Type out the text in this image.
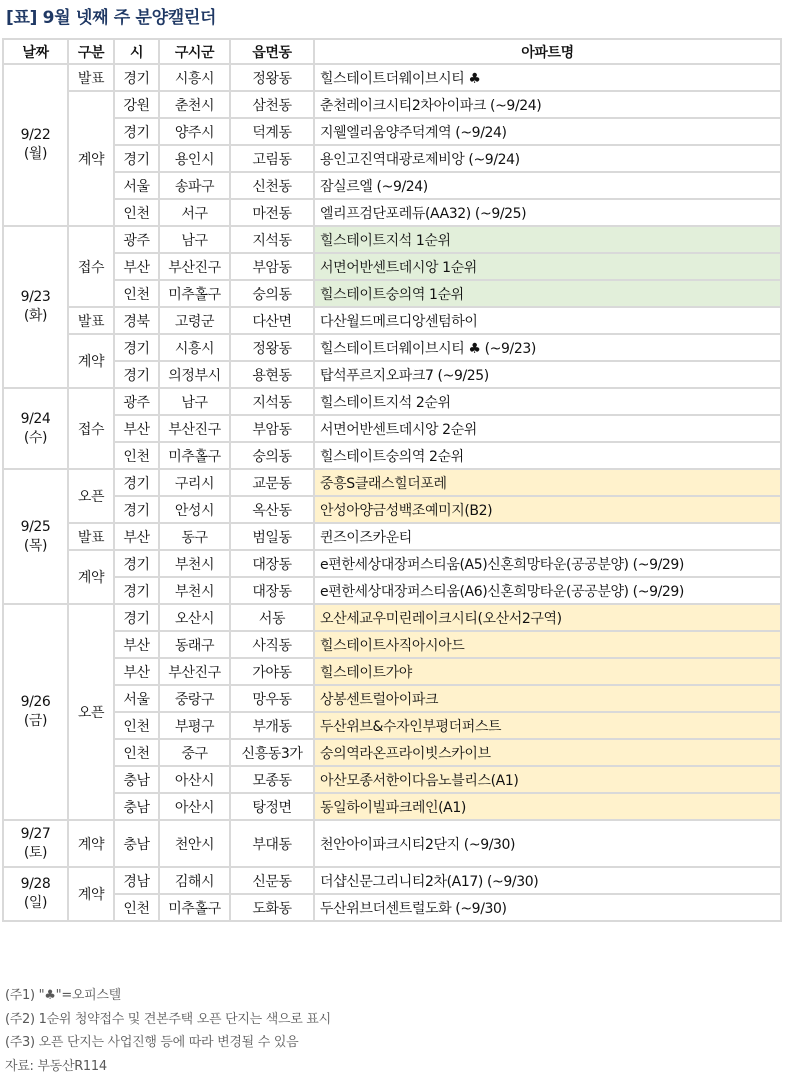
[표] 9월 넷째 주 분양캘린더
날짜	구분	시	구시군	읍면동	아파트명

9/22
(월)	발표	경기	시흥시	정왕동	힐스테이트더웨이브시티 ♣
	계약	강원	춘천시	삼천동	춘천레이크시티2차아이파크 (~9/24)
		경기	양주시	덕계동	지웰엘리움양주덕계역 (~9/24)
		경기	용인시	고림동	용인고진역대광로제비앙 (~9/24)
		서울	송파구	신천동	잠실르엘 (~9/24)
		인천	서구	마전동	엘리프검단포레듀(AA32) (~9/25)

9/23
(화)	접수	광주	남구	지석동	힐스테이트지석 1순위
		부산	부산진구	부암동	서면어반센트데시앙 1순위
		인천	미추홀구	숭의동	힐스테이트숭의역 1순위
	발표	경북	고령군	다산면	다산월드메르디앙센텀하이
	계약	경기	시흥시	정왕동	힐스테이트더웨이브시티 ♣ (~9/23)
		경기	의정부시	용현동	탑석푸르지오파크7 (~9/25)

9/24
(수)	접수	광주	남구	지석동	힐스테이트지석 2순위
		부산	부산진구	부암동	서면어반센트데시앙 2순위
		인천	미추홀구	숭의동	힐스테이트숭의역 2순위

9/25
(목)	오픈	경기	구리시	교문동	중흥S클래스힐더포레
		경기	안성시	옥산동	안성아양금성백조예미지(B2)
	발표	부산	동구	범일동	퀸즈이즈카운티
	계약	경기	부천시	대장동	e편한세상대장퍼스티움(A5)신혼희망타운(공공분양) (~9/29)
		경기	부천시	대장동	e편한세상대장퍼스티움(A6)신혼희망타운(공공분양) (~9/29)

9/26
(금)	오픈	경기	오산시	서동	오산세교우미린레이크시티(오산서2구역)
		부산	동래구	사직동	힐스테이트사직아시아드
		부산	부산진구	가야동	힐스테이트가야
		서울	중랑구	망우동	상봉센트럴아이파크
		인천	부평구	부개동	두산위브&수자인부평더퍼스트
		인천	중구	신흥동3가	숭의역라온프라이빗스카이브
		충남	아산시	모종동	아산모종서한이다음노블리스(A1)
		충남	아산시	탕정면	동일하이빌파크레인(A1)

9/27
(토)	계약	충남	천안시	부대동	천안아이파크시티2단지 (~9/30)

9/28
(일)	계약	경남	김해시	신문동	더샵신문그리니티2차(A17) (~9/30)
		인천	미추홀구	도화동	두산위브더센트럴도화 (~9/30)
(주1) "♣"=오피스텔
(주2) 1순위 청약접수 및 견본주택 오픈 단지는 색으로 표시
(주3) 오픈 단지는 사업진행 등에 따라 변경될 수 있음
자료: 부동산R114
